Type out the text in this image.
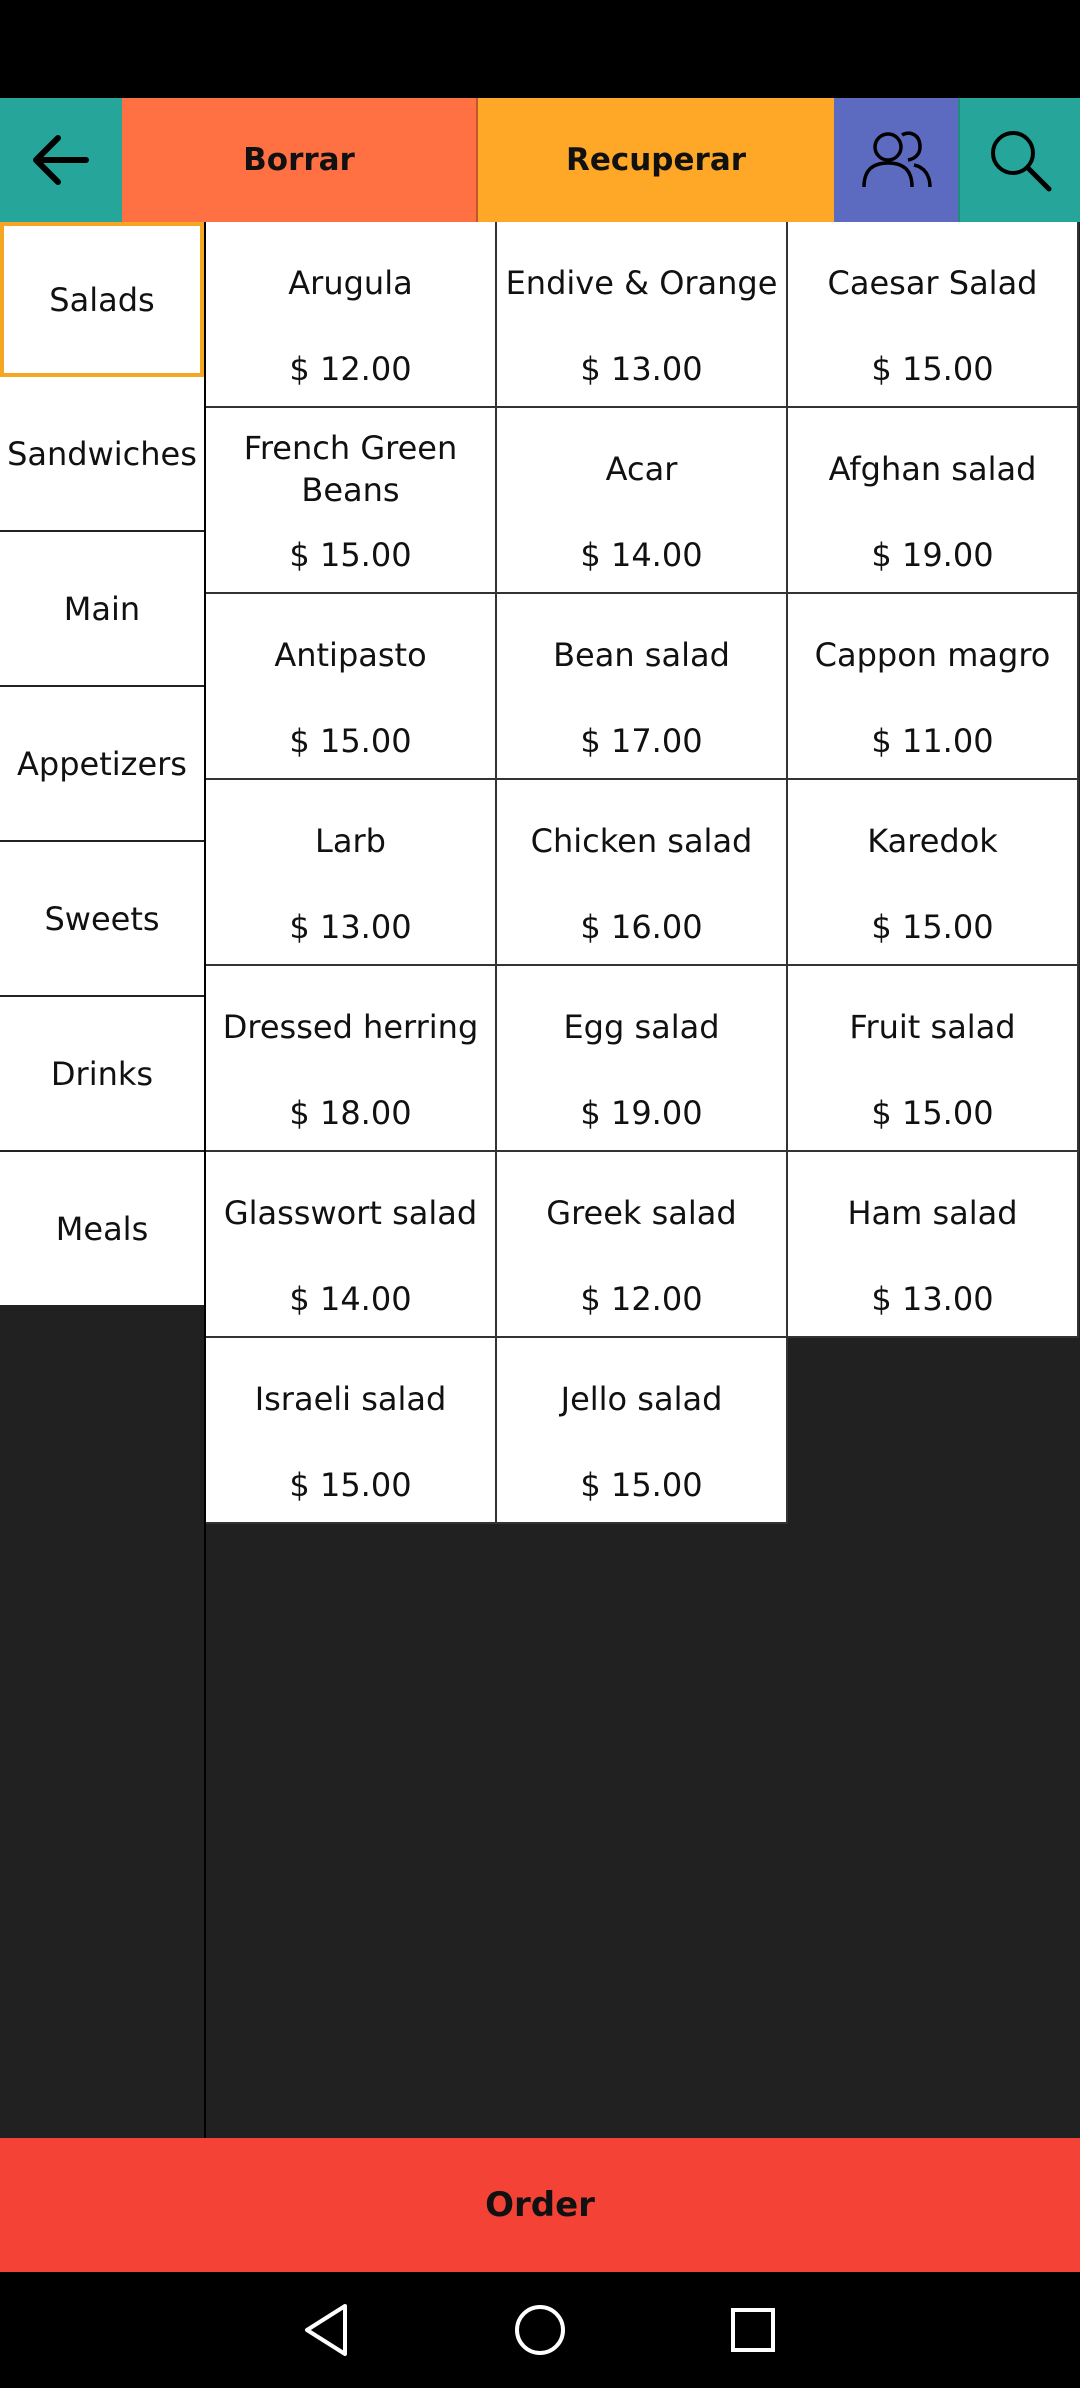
Borrar	Recuperar
Salads
Sandwiches
Main
Appetizers
Sweets
Drinks
Meals
Arugula
$ 12.00
Endive & Orange
$ 13.00
Caesar Salad
$ 15.00
French Green Beans
$ 15.00
Acar
$ 14.00
Afghan salad
$ 19.00
Antipasto
$ 15.00
Bean salad
$ 17.00
Cappon magro
$ 11.00
Larb
$ 13.00
Chicken salad
$ 16.00
Karedok
$ 15.00
Dressed herring
$ 18.00
Egg salad
$ 19.00
Fruit salad
$ 15.00
Glasswort salad
$ 14.00
Greek salad
$ 12.00
Ham salad
$ 13.00
Israeli salad
$ 15.00
Jello salad
$ 15.00
Order
